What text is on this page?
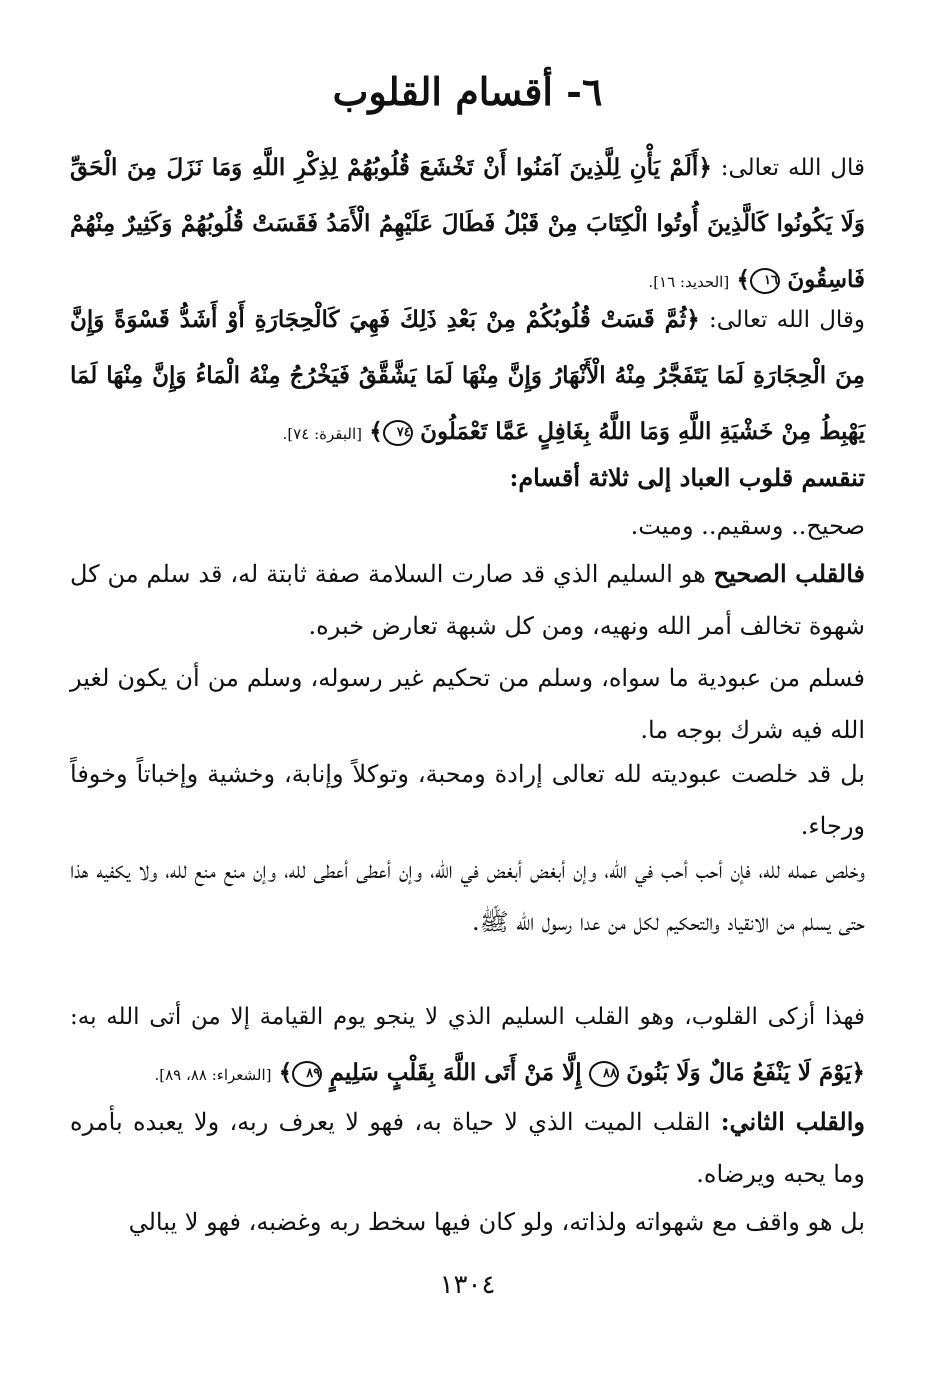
٦- أقسام القلوب

قال الله تعالى: ﴿أَلَمْ يَأْنِ لِلَّذِينَ آمَنُوا أَنْ تَخْشَعَ قُلُوبُهُمْ لِذِكْرِ اللَّهِ وَمَا نَزَلَ مِنَ الْحَقِّ وَلَا يَكُونُوا كَالَّذِينَ أُوتُوا الْكِتَابَ مِنْ قَبْلُ فَطَالَ عَلَيْهِمُ الْأَمَدُ فَقَسَتْ قُلُوبُهُمْ وَكَثِيرٌ مِنْهُمْ فَاسِقُونَ ١٦﴾ [الحديد: ١٦].

وقال الله تعالى: ﴿ثُمَّ قَسَتْ قُلُوبُكُمْ مِنْ بَعْدِ ذَلِكَ فَهِيَ كَالْحِجَارَةِ أَوْ أَشَدُّ قَسْوَةً وَإِنَّ مِنَ الْحِجَارَةِ لَمَا يَتَفَجَّرُ مِنْهُ الْأَنْهَارُ وَإِنَّ مِنْهَا لَمَا يَشَّقَّقُ فَيَخْرُجُ مِنْهُ الْمَاءُ وَإِنَّ مِنْهَا لَمَا يَهْبِطُ مِنْ خَشْيَةِ اللَّهِ وَمَا اللَّهُ بِغَافِلٍ عَمَّا تَعْمَلُونَ ٧٤﴾ [البقرة: ٧٤].

تنقسم قلوب العباد إلى ثلاثة أقسام:

صحيح.. وسقيم.. وميت.

فالقلب الصحيح هو السليم الذي قد صارت السلامة صفة ثابتة له، قد سلم من كل شهوة تخالف أمر الله ونهيه، ومن كل شبهة تعارض خبره.

فسلم من عبودية ما سواه، وسلم من تحكيم غير رسوله، وسلم من أن يكون لغير الله فيه شرك بوجه ما.

بل قد خلصت عبوديته لله تعالى إرادة ومحبة، وتوكلاً وإنابة، وخشية وإخباتاً وخوفاً ورجاء.

وخلص عمله لله، فإن أحب أحب في الله، وإن أبغض أبغض في الله، وإن أعطى أعطى لله، وإن منع منع لله، ولا يكفيه هذا حتى يسلم من الانقياد والتحكيم لكل من عدا رسول الله ﷺ.

فهذا أزكى القلوب، وهو القلب السليم الذي لا ينجو يوم القيامة إلا من أتى الله به: ﴿يَوْمَ لَا يَنْفَعُ مَالٌ وَلَا بَنُونَ ٨٨ إِلَّا مَنْ أَتَى اللَّهَ بِقَلْبٍ سَلِيمٍ ٨٩﴾ [الشعراء: ٨٨، ٨٩].

والقلب الثاني: القلب الميت الذي لا حياة به، فهو لا يعرف ربه، ولا يعبده بأمره وما يحبه ويرضاه.

بل هو واقف مع شهواته ولذاته، ولو كان فيها سخط ربه وغضبه، فهو لا يبالي

١٣٠٤
